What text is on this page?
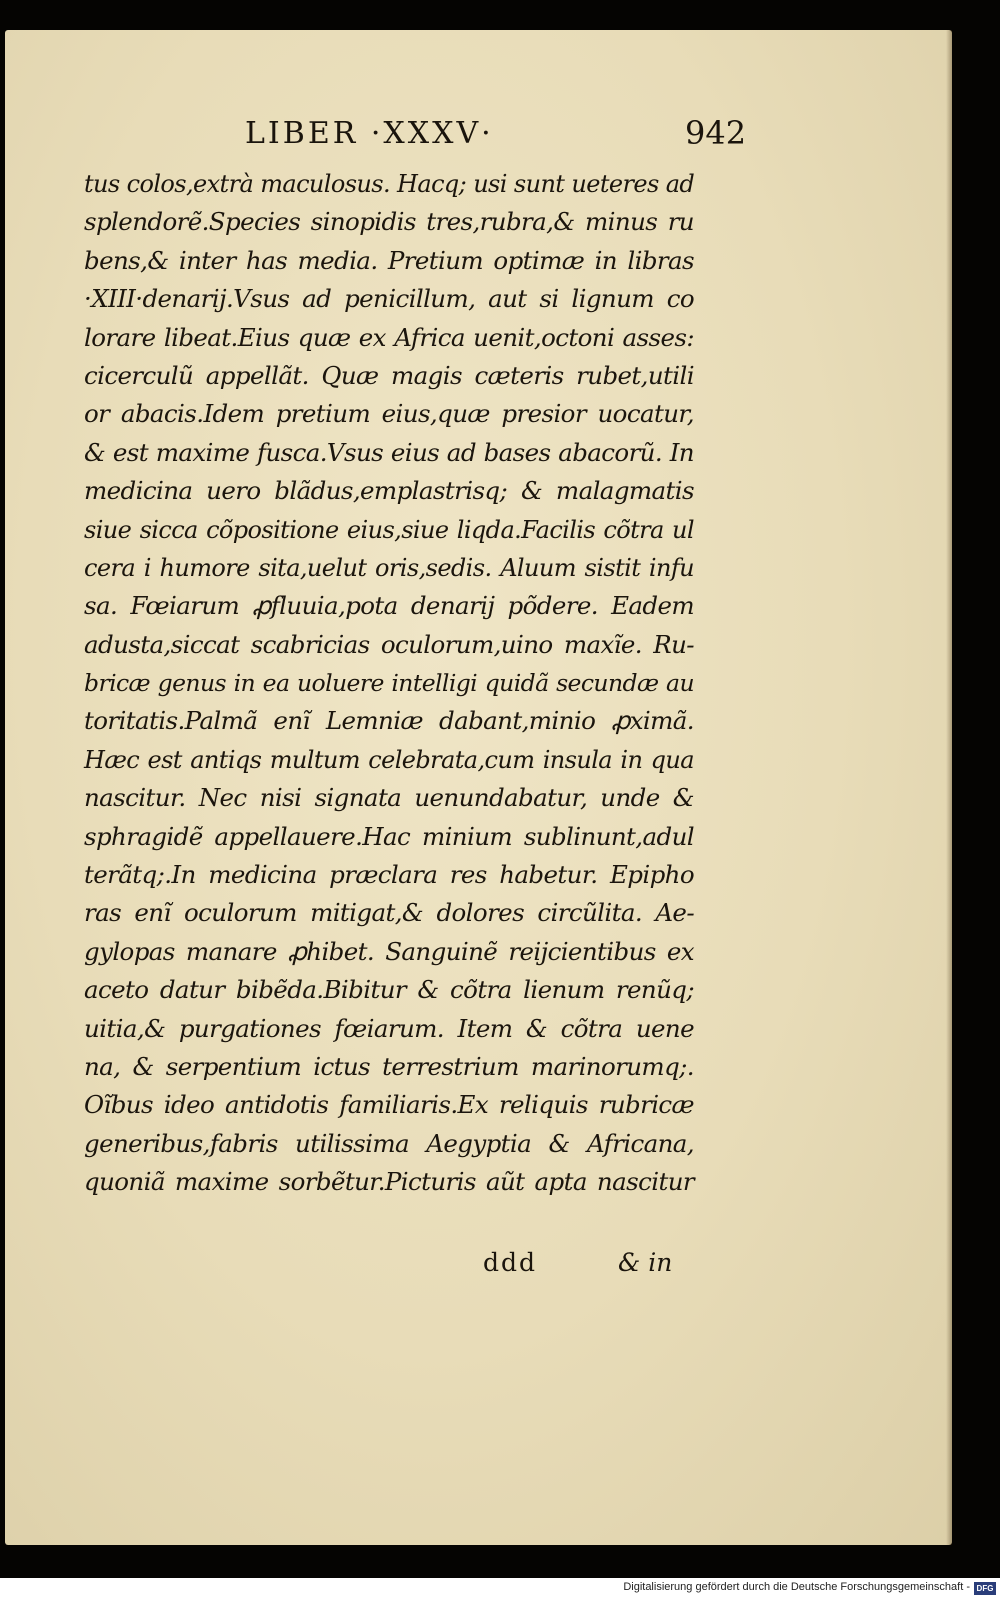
LIBER ·XXXV·	942
tus colos,extrà maculosus. Hacq; usi sunt ueteres ad
splendorẽ.Species sinopidis tres,rubra,& minus ru
bens,& inter has media. Pretium optimæ in libras
·XIII·denarij.Vsus ad penicillum, aut si lignum co
lorare libeat.Eius quæ ex Africa uenit,octoni asses:
cicerculũ appellãt. Quæ magis cæteris rubet,utili
or abacis.Idem pretium eius,quæ presior uocatur,
& est maxime fusca.Vsus eius ad bases abacorũ. In
medicina uero blãdus,emplastrisq; & malagmatis
siue sicca cõpositione eius,siue liqda.Facilis cõtra ul
cera i humore sita,uelut oris,sedis. Aluum sistit infu
sa. Fœiarum ꝓfluuia,pota denarij põdere. Eadem
adusta,siccat scabricias oculorum,uino maxĩe. Ru-
bricæ genus in ea uoluere intelligi quidã secundæ au
toritatis.Palmã enĩ Lemniæ dabant,minio ꝓximã.
Hæc est antiqs multum celebrata,cum insula in qua
nascitur. Nec nisi signata uenundabatur, unde &
sphragidẽ appellauere.Hac minium sublinunt,adul
terãtq;.In medicina præclara res habetur. Epipho
ras enĩ oculorum mitigat,& dolores circũlita. Ae-
gylopas manare ꝓhibet. Sanguinẽ reijcientibus ex
aceto datur bibẽda.Bibitur & cõtra lienum renũq;
uitia,& purgationes fœiarum. Item & cõtra uene
na, & serpentium ictus terrestrium marinorumq;.
Oĩbus ideo antidotis familiaris.Ex reliquis rubricæ
generibus,fabris utilissima Aegyptia & Africana,
quoniã maxime sorbẽtur.Picturis aũt apta nascitur
ddd	& in
Digitalisierung gefördert durch die Deutsche Forschungsgemeinschaft - DFG
